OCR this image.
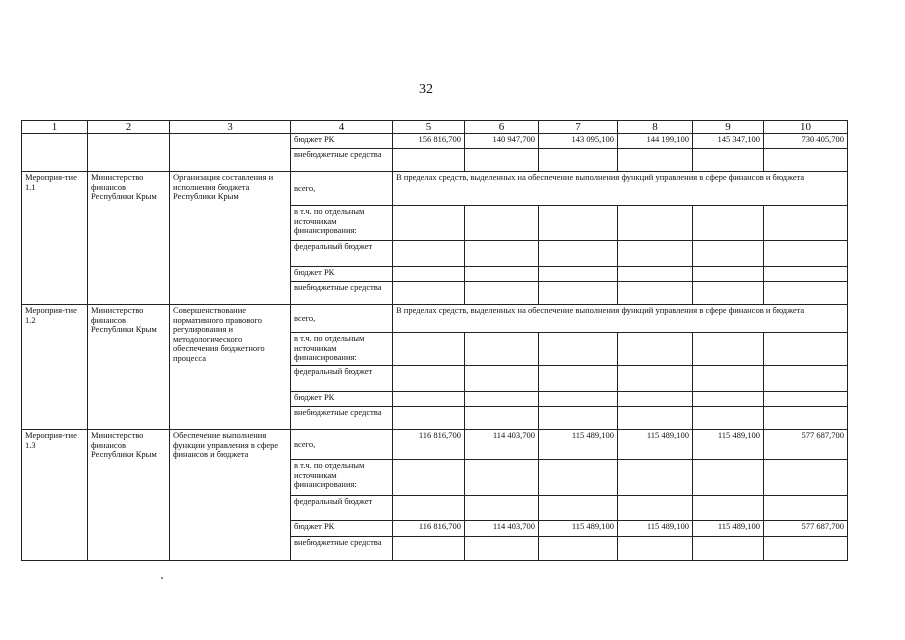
32
1	2	3	4	5	6	7	8	9	10
			бюджет РК	156 816,700	140 947,700	143 095,100	144 199,100	145 347,100	730 405,700
			внебюджетные средства						
Мероприя-тие 1.1	Министерство финансов Республики Крым	Организация составления и исполнения бюджета Республики Крым	всего,	В пределах средств, выделенных на обеспечение выполнения функций управления в сфере финансов и бюджета					
			в т.ч. по отдельным источникам финансирования:						
			федеральный бюджет						
			бюджет РК						
			внебюджетные средства						
Мероприя-тие 1.2	Министерство финансов Республики Крым	Совершенствование нормативного правового регулирования и методологического обеспечения бюджетного процесса	всего,	В пределах средств, выделенных на обеспечение выполнения функций управления в сфере финансов и бюджета					
			в т.ч. по отдельным источникам финансирования:						
			федеральный бюджет						
			бюджет РК						
			внебюджетные средства						
Мероприя-тие 1.3	Министерство финансов Республики Крым	Обеспечение выполнения функции управления в сфере финансов и бюджета	всего,	116 816,700	114 403,700	115 489,100	115 489,100	115 489,100	577 687,700
			в т.ч. по отдельным источникам финансирования:						
			федеральный бюджет						
			бюджет РК	116 816,700	114 403,700	115 489,100	115 489,100	115 489,100	577 687,700
			внебюджетные средства						
